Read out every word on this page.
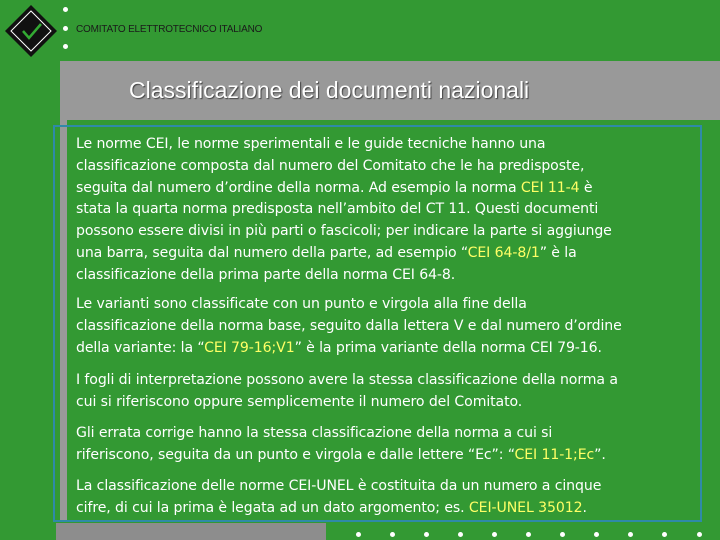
COMITATO ELETTROTECNICO ITALIANO
Classificazione dei documenti nazionali
Le norme CEI, le norme sperimentali e le guide tecniche hanno una
classificazione composta dal numero del Comitato che le ha predisposte,
seguita dal numero d’ordine della norma. Ad esempio la norma CEI 11-4 è
stata la quarta norma predisposta nell’ambito del CT 11. Questi documenti
possono essere divisi in più parti o fascicoli; per indicare la parte si aggiunge
una barra, seguita dal numero della parte, ad esempio “CEI 64-8/1” è la
classificazione della prima parte della norma CEI 64-8.
Le varianti sono classificate con un punto e virgola alla fine della
classificazione della norma base, seguito dalla lettera V e dal numero d’ordine
della variante: la “CEI 79-16;V1” è la prima variante della norma CEI 79-16.
I fogli di interpretazione possono avere la stessa classificazione della norma a
cui si riferiscono oppure semplicemente il numero del Comitato.
Gli errata corrige hanno la stessa classificazione della norma a cui si
riferiscono, seguita da un punto e virgola e dalle lettere “Ec”: “CEI 11-1;Ec”.
La classificazione delle norme CEI-UNEL è costituita da un numero a cinque
cifre, di cui la prima è legata ad un dato argomento; es. CEI-UNEL 35012.
